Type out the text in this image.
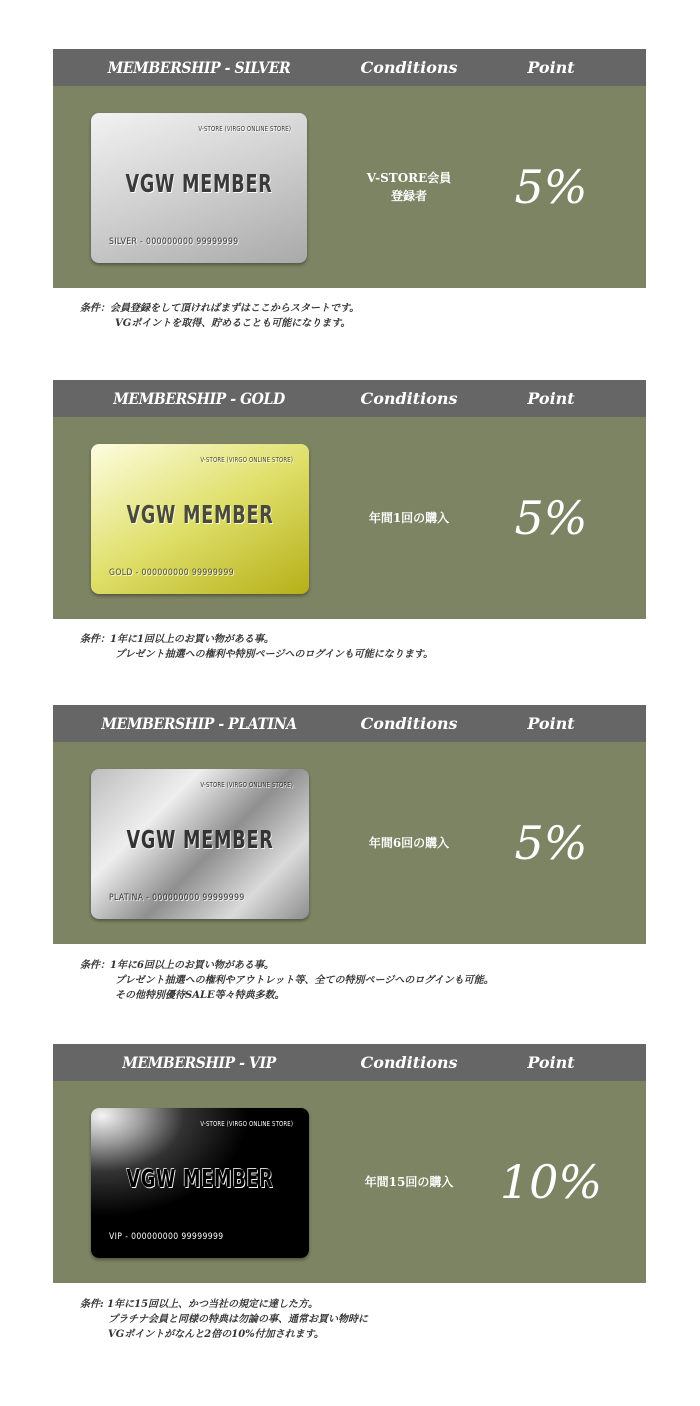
MEMBERSHIP - SILVER	Conditions	Point
V-STORE (VIRGO ONLINE STORE)
VGW MEMBER
SILVER - 000000000 99999999
V-STORE会員
登録者	5%
条件：会員登録をして頂ければまずはここからスタートです。
VGポイントを取得、貯めることも可能になります。
MEMBERSHIP - GOLD	Conditions	Point
V-STORE (VIRGO ONLINE STORE)
VGW MEMBER
GOLD - 000000000 99999999
年間1回の購入	5%
条件：1年に1回以上のお買い物がある事。
プレゼント抽選への権利や特別ページへのログインも可能になります。
MEMBERSHIP - PLATINA	Conditions	Point
V-STORE (VIRGO ONLINE STORE)
VGW MEMBER
PLATINA - 000000000 99999999
年間6回の購入	5%
条件：1年に6回以上のお買い物がある事。
プレゼント抽選への権利やアウトレット等、全ての特別ページへのログインも可能。
その他特別優待SALE等々特典多数。
MEMBERSHIP - VIP	Conditions	Point
V-STORE (VIRGO ONLINE STORE)
VGW MEMBER
VIP - 000000000 99999999
年間15回の購入	10%
条件: 1年に15回以上、かつ当社の規定に達した方。
プラチナ会員と同様の特典は勿論の事、通常お買い物時に
VGポイントがなんと2倍の10%付加されます。
